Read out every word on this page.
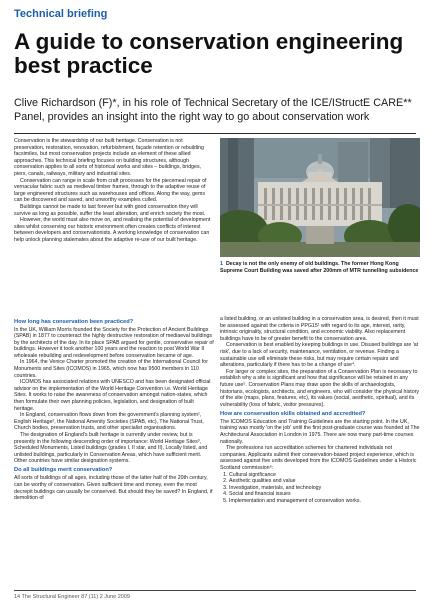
Technical briefing
A guide to conservation engineering best practice

Clive Richardson (F)*, in his role of Technical Secretary of the ICE/IStructE CARE** Panel, provides an insight into the right way to go about conservation work

Conservation is the stewardship of our built heritage. Conservation is not preservation, restoration, renovation, refurbishment, façade retention or rebuilding facsimiles, but most conservation projects include an element of these allied approaches. This technical briefing focuses on building structures, although conservation applies to all sorts of historical works and sites – buildings, bridges, piers, canals, railways, military and industrial sites.

Conservation can range in scale from craft processes for the piecemeal repair of vernacular fabric such as medieval timber frames, through to the adaptive reuse of large engineered structures such as warehouses and offices. Along the way, gems can be discovered and saved, and unworthy examples culled.

Buildings cannot be made to last forever but with good conservation they will survive as long as possible, suffer the least alteration, and enrich society the most.

However, the world must also move on, and realising the potential of development sites whilst conserving our historic environment often creates conflicts of interest between developers and conservationists. A working knowledge of conservation can help unlock planning stalemates about the adaptive re-use of our built heritage.

1 Decay is not the only enemy of old buildings. The former Hong Kong Supreme Court Building was saved after 200mm of MTR tunnelling subsidence
How long has conservation been practiced?

In the UK, William Morris founded the Society for the Protection of Ancient Buildings (SPAB) in 1877 to counteract the highly destructive restoration of mediaeval buildings by the architects of the day. In its place SPAB argued for gentle, conservative repair of buildings. However it took another 100 years and the reaction to post World War II wholesale rebuilding and redevelopment before conservation became of age.

In 1964, the Venice Charter promoted the creation of the International Council for Monuments and Sites (ICOMOS) in 1965, which now has 9500 members in 110 countries.

ICOMOS has associated relations with UNESCO and has been designated official advisor on the implementation of the World Heritage Convention i.e. World Heritage Sites. It works to raise the awareness of conservation amongst nation-states, which then formulate their own planning policies, legislation, and designation of built heritage.

In England, conservation flows down from the government's planning system¹, English Heritage², the National Amenity Societies (SPAB, etc), The National Trust, Church bodies, preservation trusts, and other specialist organisations.

The designation of England's built heritage is currently under review, but is presently in the following descending order of importance: World Heritage Sites³, Scheduled Monuments, Listed buildings (grades I, II star, and II), Locally listed, and unlisted buildings, particularly in Conservation Areas, which have sufficient merit. Other countries have similar designation systems.

Do all buildings merit conservation?

All sorts of buildings of all ages, including those of the latter half of the 20th century, can be worthy of conservation. Given sufficient time and money, even the most decrepit buildings can usually be conserved. But should they be saved? In England, if demolition of

a listed building, or an unlisted building in a conservation area, is desired, then it must be assessed against the criteria in PPG15¹ with regard to its age, interest, rarity, intrinsic originality, structural condition, and economic viability. Also replacement buildings have to be of greater benefit to the conservation area.

Conservation is best enabled by keeping buildings in use. Disused buildings are 'at risk', due to a lack of security, maintenance, ventilation, or revenue. Finding a sustainable use will eliminate these risks, but may require certain repairs and alterations, particularly if there has to be a change of use⁴.

For larger or complex sites, the preparation of a Conservation Plan is necessary to establish why a site is significant and how that significance will be retained in any future use⁵. Conservation Plans may draw upon the skills of archaeologists, historians, ecologists, architects, and engineers, who will consider the physical history of the site (maps, plans, features, etc), its values (social, aesthetic, spiritual), and its vulnerability (loss of fabric, visitor pressures).

How are conservation skills obtained and accredited?

The ICOMOS Education and Training Guidelines are the starting point. In the UK, training was mostly 'on the job' until the first post-graduate course was founded at The Architectural Association in London in 1975. There are now many part-time courses nationally.

The professions run accreditation schemes for chartered individuals not companies. Applicants submit their conservation-based project experience, which is assessed against five units developed from the ICOMOS Guidelines under a Historic Scotland commission⁶:

1. Cultural significance
2. Aesthetic qualities and value
3. Investigation, materials, and technology
4. Social and financial issues
5. Implementation and management of conservation works.
14 The Structural Engineer 87 (11) 2 June 2009
